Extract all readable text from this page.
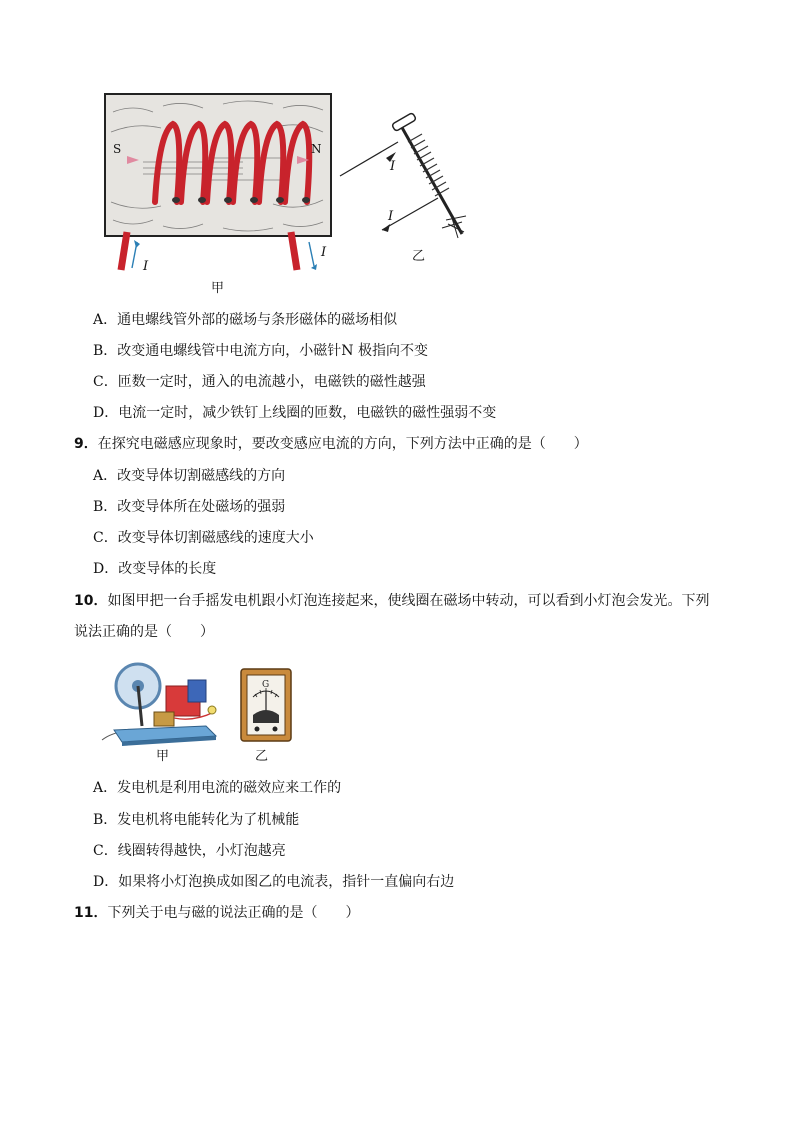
S	N
I
I
甲
I
I
乙
A．通电螺线管外部的磁场与条形磁体的磁场相似
B．改变通电螺线管中电流方向，小磁针N 极指向不变
C．匝数一定时，通入的电流越小，电磁铁的磁性越强
D．电流一定时，减少铁钉上线圈的匝数，电磁铁的磁性强弱不变
9．在探究电磁感应现象时，要改变感应电流的方向，下列方法中正确的是（　　）
A．改变导体切割磁感线的方向
B．改变导体所在处磁场的强弱
C．改变导体切割磁感线的速度大小
D．改变导体的长度
10．如图甲把一台手摇发电机跟小灯泡连接起来，使线圈在磁场中转动，可以看到小灯泡会发光。下列
说法正确的是（　　）
甲
G
乙
A．发电机是利用电流的磁效应来工作的
B．发电机将电能转化为了机械能
C．线圈转得越快，小灯泡越亮
D．如果将小灯泡换成如图乙的电流表，指针一直偏向右边
11．下列关于电与磁的说法正确的是（　　）
